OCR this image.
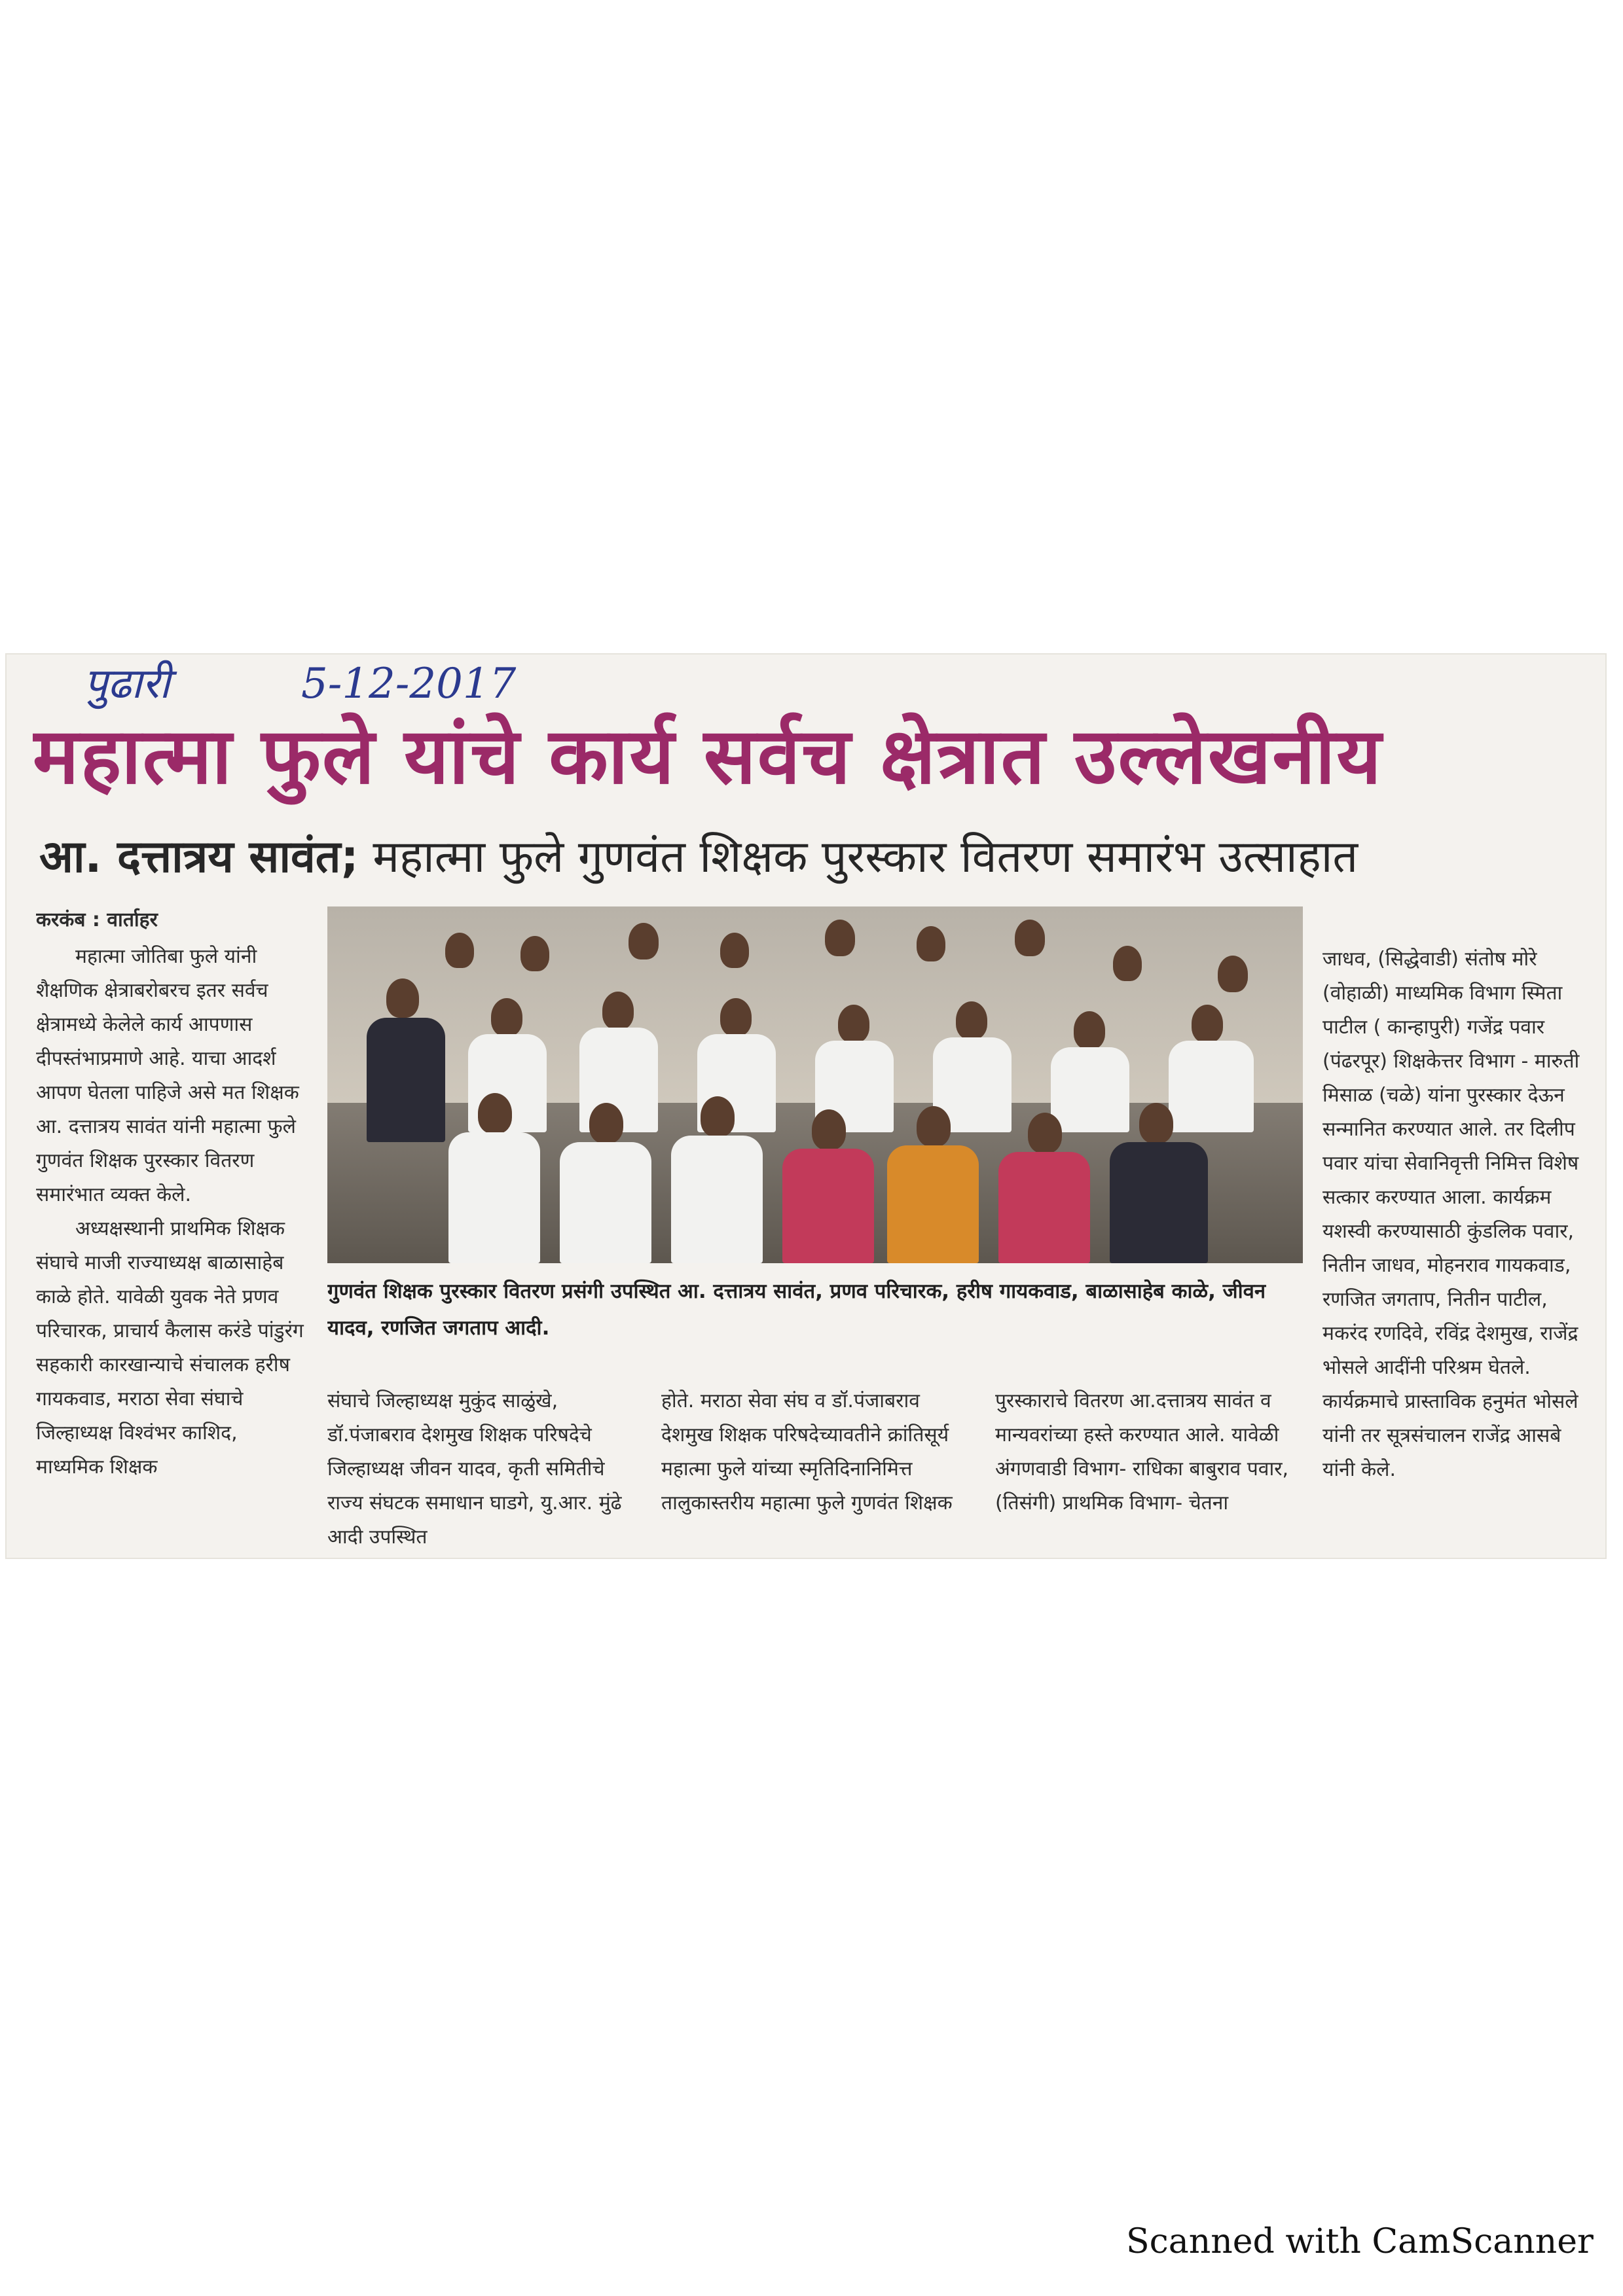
पुढारी	5-12-2017
महात्मा फुले यांचे कार्य सर्वच क्षेत्रात उल्लेखनीय
आ. दत्तात्रय सावंत; महात्मा फुले गुणवंत शिक्षक पुरस्कार वितरण समारंभ उत्साहात

करकंब : वार्ताहर

महात्मा जोतिबा फुले यांनी शैक्षणिक क्षेत्राबरोबरच इतर सर्वच क्षेत्रामध्ये केलेले कार्य आपणास दीपस्तंभाप्रमाणे आहे. याचा आदर्श आपण घेतला पाहिजे असे मत शिक्षक आ. दत्तात्रय सावंत यांनी महात्मा फुले गुणवंत शिक्षक पुरस्कार वितरण समारंभात व्यक्त केले.

अध्यक्षस्थानी प्राथमिक शिक्षक संघाचे माजी राज्याध्यक्ष बाळासाहेब काळे होते. यावेळी युवक नेते प्रणव परिचारक, प्राचार्य कैलास करंडे पांडुरंग सहकारी कारखान्याचे संचालक हरीष गायकवाड, मराठा सेवा संघाचे जिल्हाध्यक्ष विश्वंभर काशिद, माध्यमिक शिक्षक

गुणवंत शिक्षक पुरस्कार वितरण प्रसंगी उपस्थित आ. दत्तात्रय सावंत, प्रणव परिचारक, हरीष गायकवाड, बाळासाहेब काळे, जीवन यादव, रणजित जगताप आदी.
संघाचे जिल्हाध्यक्ष मुकुंद साळुंखे, डॉ.पंजाबराव देशमुख शिक्षक परिषदेचे जिल्हाध्यक्ष जीवन यादव, कृती समितीचे राज्य संघटक समाधान घाडगे, यु.आर. मुंढे आदी उपस्थित
होते. मराठा सेवा संघ व डॉ.पंजाबराव देशमुख शिक्षक परिषदेच्यावतीने क्रांतिसूर्य महात्मा फुले यांच्या स्मृतिदिनानिमित्त तालुकास्तरीय महात्मा फुले गुणवंत शिक्षक
पुरस्काराचे वितरण आ.दत्तात्रय सावंत व मान्यवरांच्या हस्ते करण्यात आले. यावेळी अंगणवाडी विभाग- राधिका बाबुराव पवार, (तिसंगी) प्राथमिक विभाग- चेतना
जाधव, (सिद्धेवाडी) संतोष मोरे (वोहाळी) माध्यमिक विभाग स्मिता पाटील ( कान्हापुरी) गजेंद्र पवार (पंढरपूर) शिक्षकेत्तर विभाग - मारुती मिसाळ (चळे) यांना पुरस्कार देऊन सन्मानित करण्यात आले. तर दिलीप पवार यांचा सेवानिवृत्ती निमित्त विशेष सत्कार करण्यात आला. कार्यक्रम यशस्वी करण्यासाठी कुंडलिक पवार, नितीन जाधव, मोहनराव गायकवाड, रणजित जगताप, नितीन पाटील, मकरंद रणदिवे, रविंद्र देशमुख, राजेंद्र भोसले आदींनी परिश्रम घेतले. कार्यक्रमाचे प्रास्ताविक हनुमंत भोसले यांनी तर सूत्रसंचालन राजेंद्र आसबे यांनी केले.
Scanned with CamScanner
